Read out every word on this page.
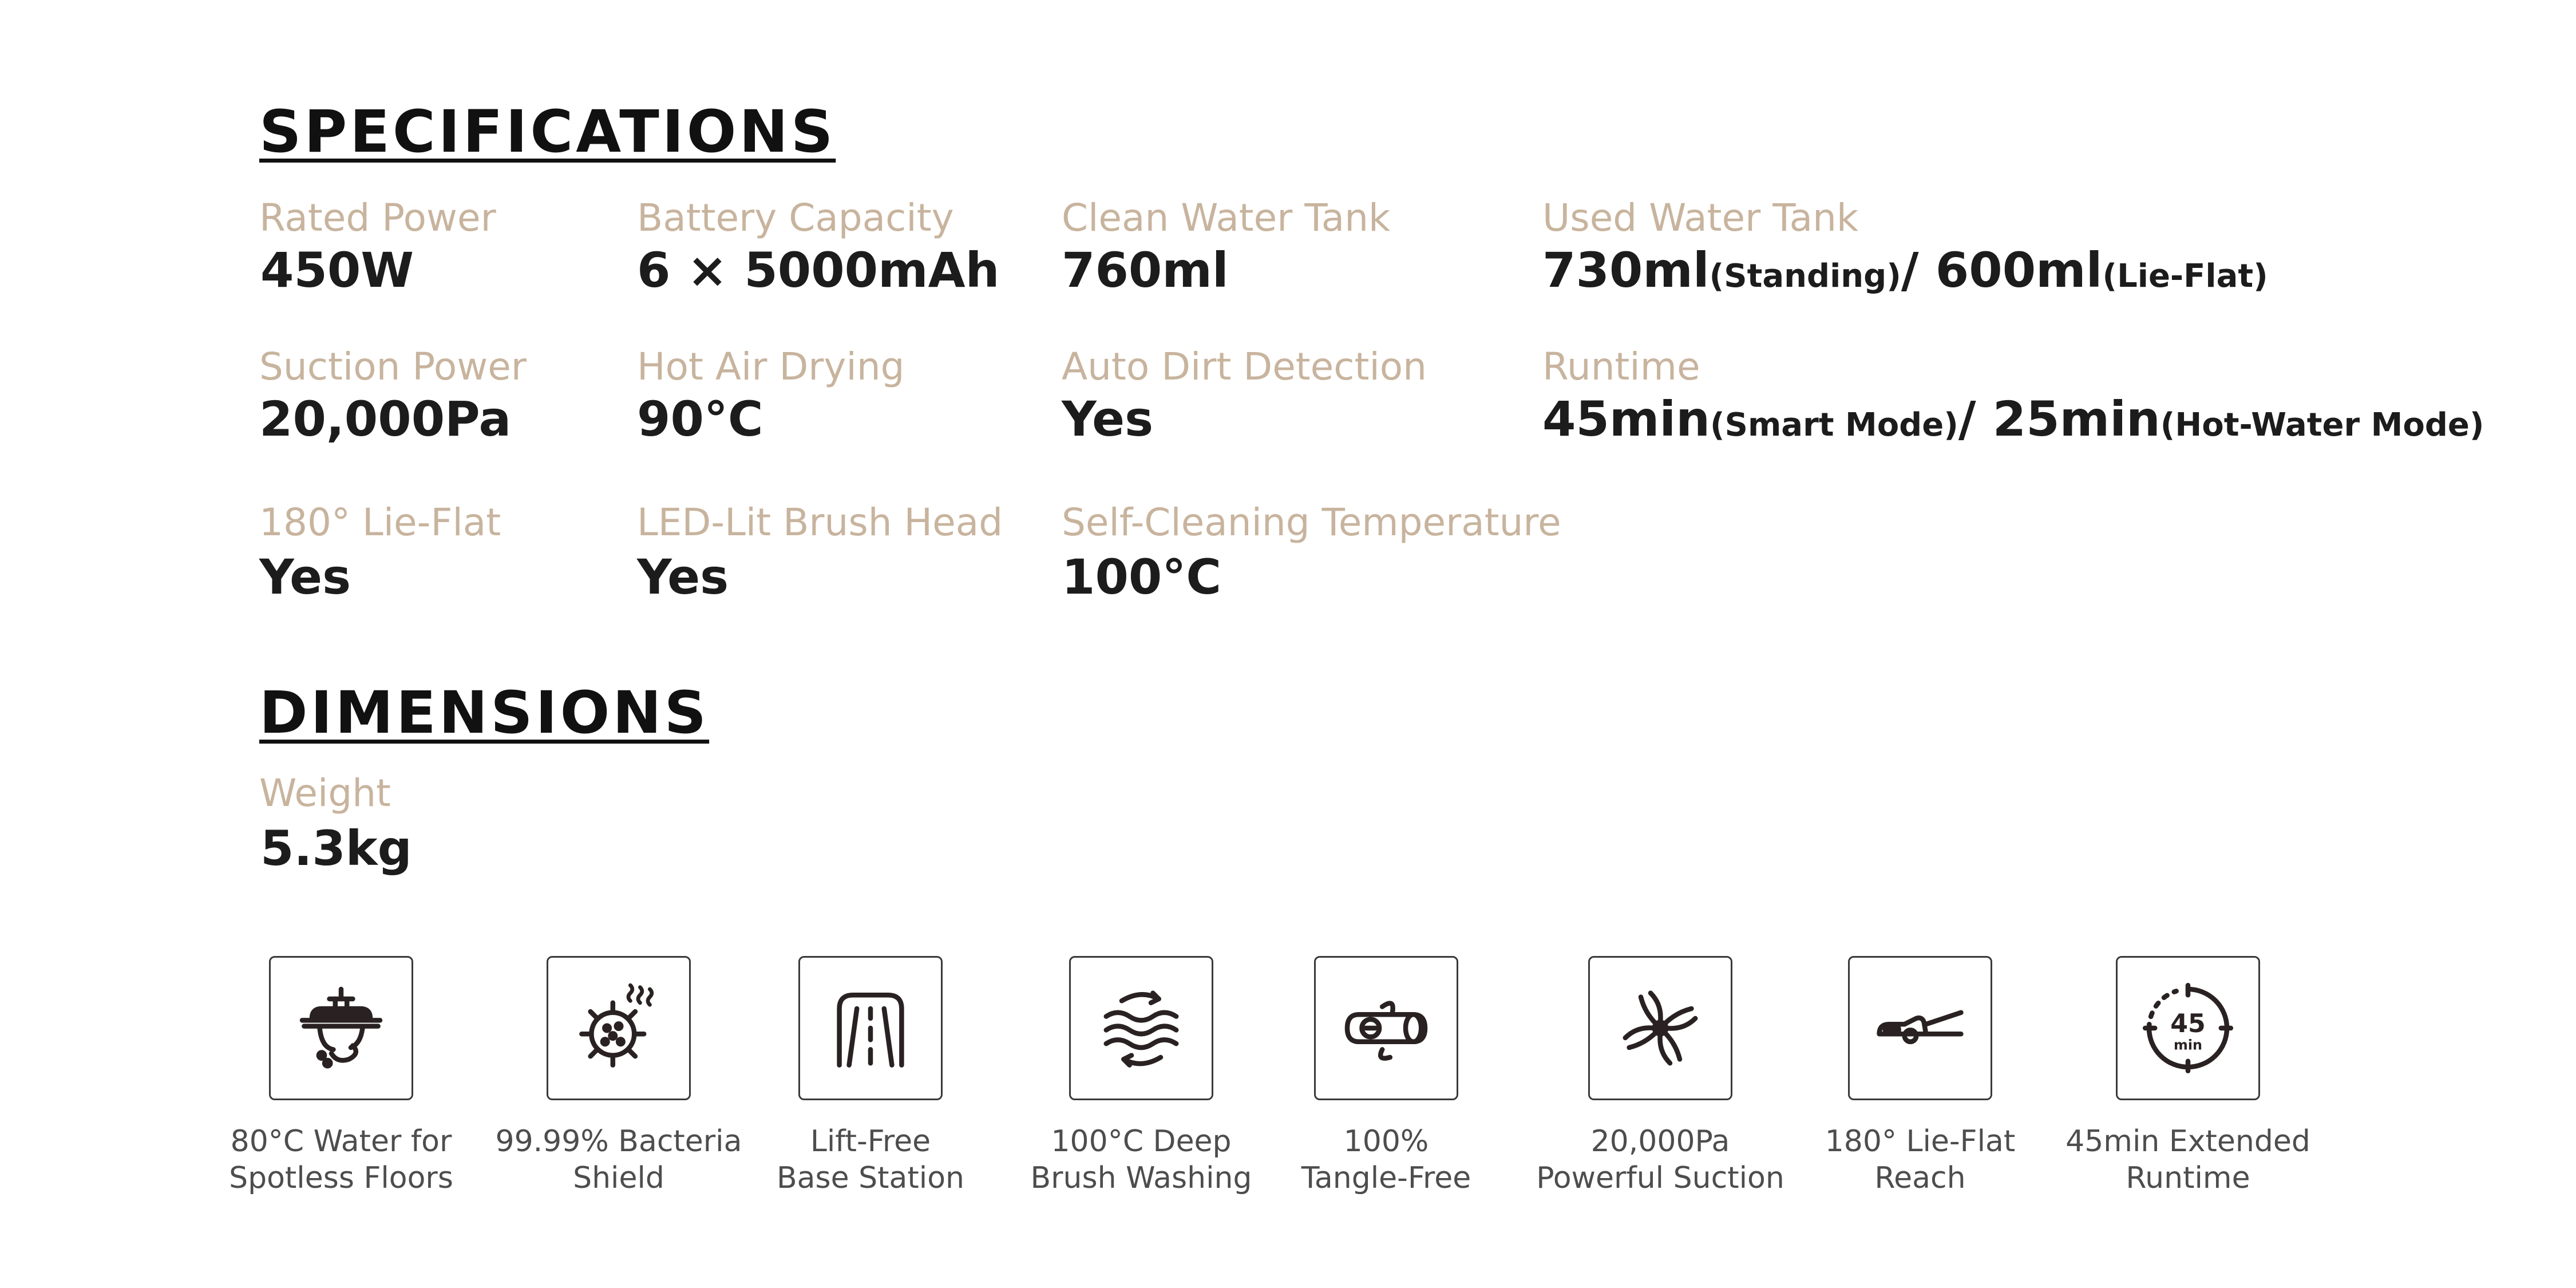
SPECIFICATIONS
Rated Power
450W
Battery Capacity
6 × 5000mAh
Clean Water Tank
760ml
Used Water Tank
730ml(Standing)/ 600ml(Lie-Flat)
Suction Power
20,000Pa
Hot Air Drying
90°C
Auto Dirt Detection
Yes
Runtime
45min(Smart Mode)/ 25min(Hot-Water Mode)
180° Lie-Flat
Yes
LED-Lit Brush Head
Yes
Self-Cleaning Temperature
100°C
DIMENSIONS
Weight
5.3kg
80°C Water for
Spotless Floors
99.99% Bacteria
Shield
Lift-Free
Base Station
100°C Deep
Brush Washing
100%
Tangle-Free
20,000Pa
Powerful Suction
180° Lie-Flat
Reach
45
min
45min Extended
Runtime
